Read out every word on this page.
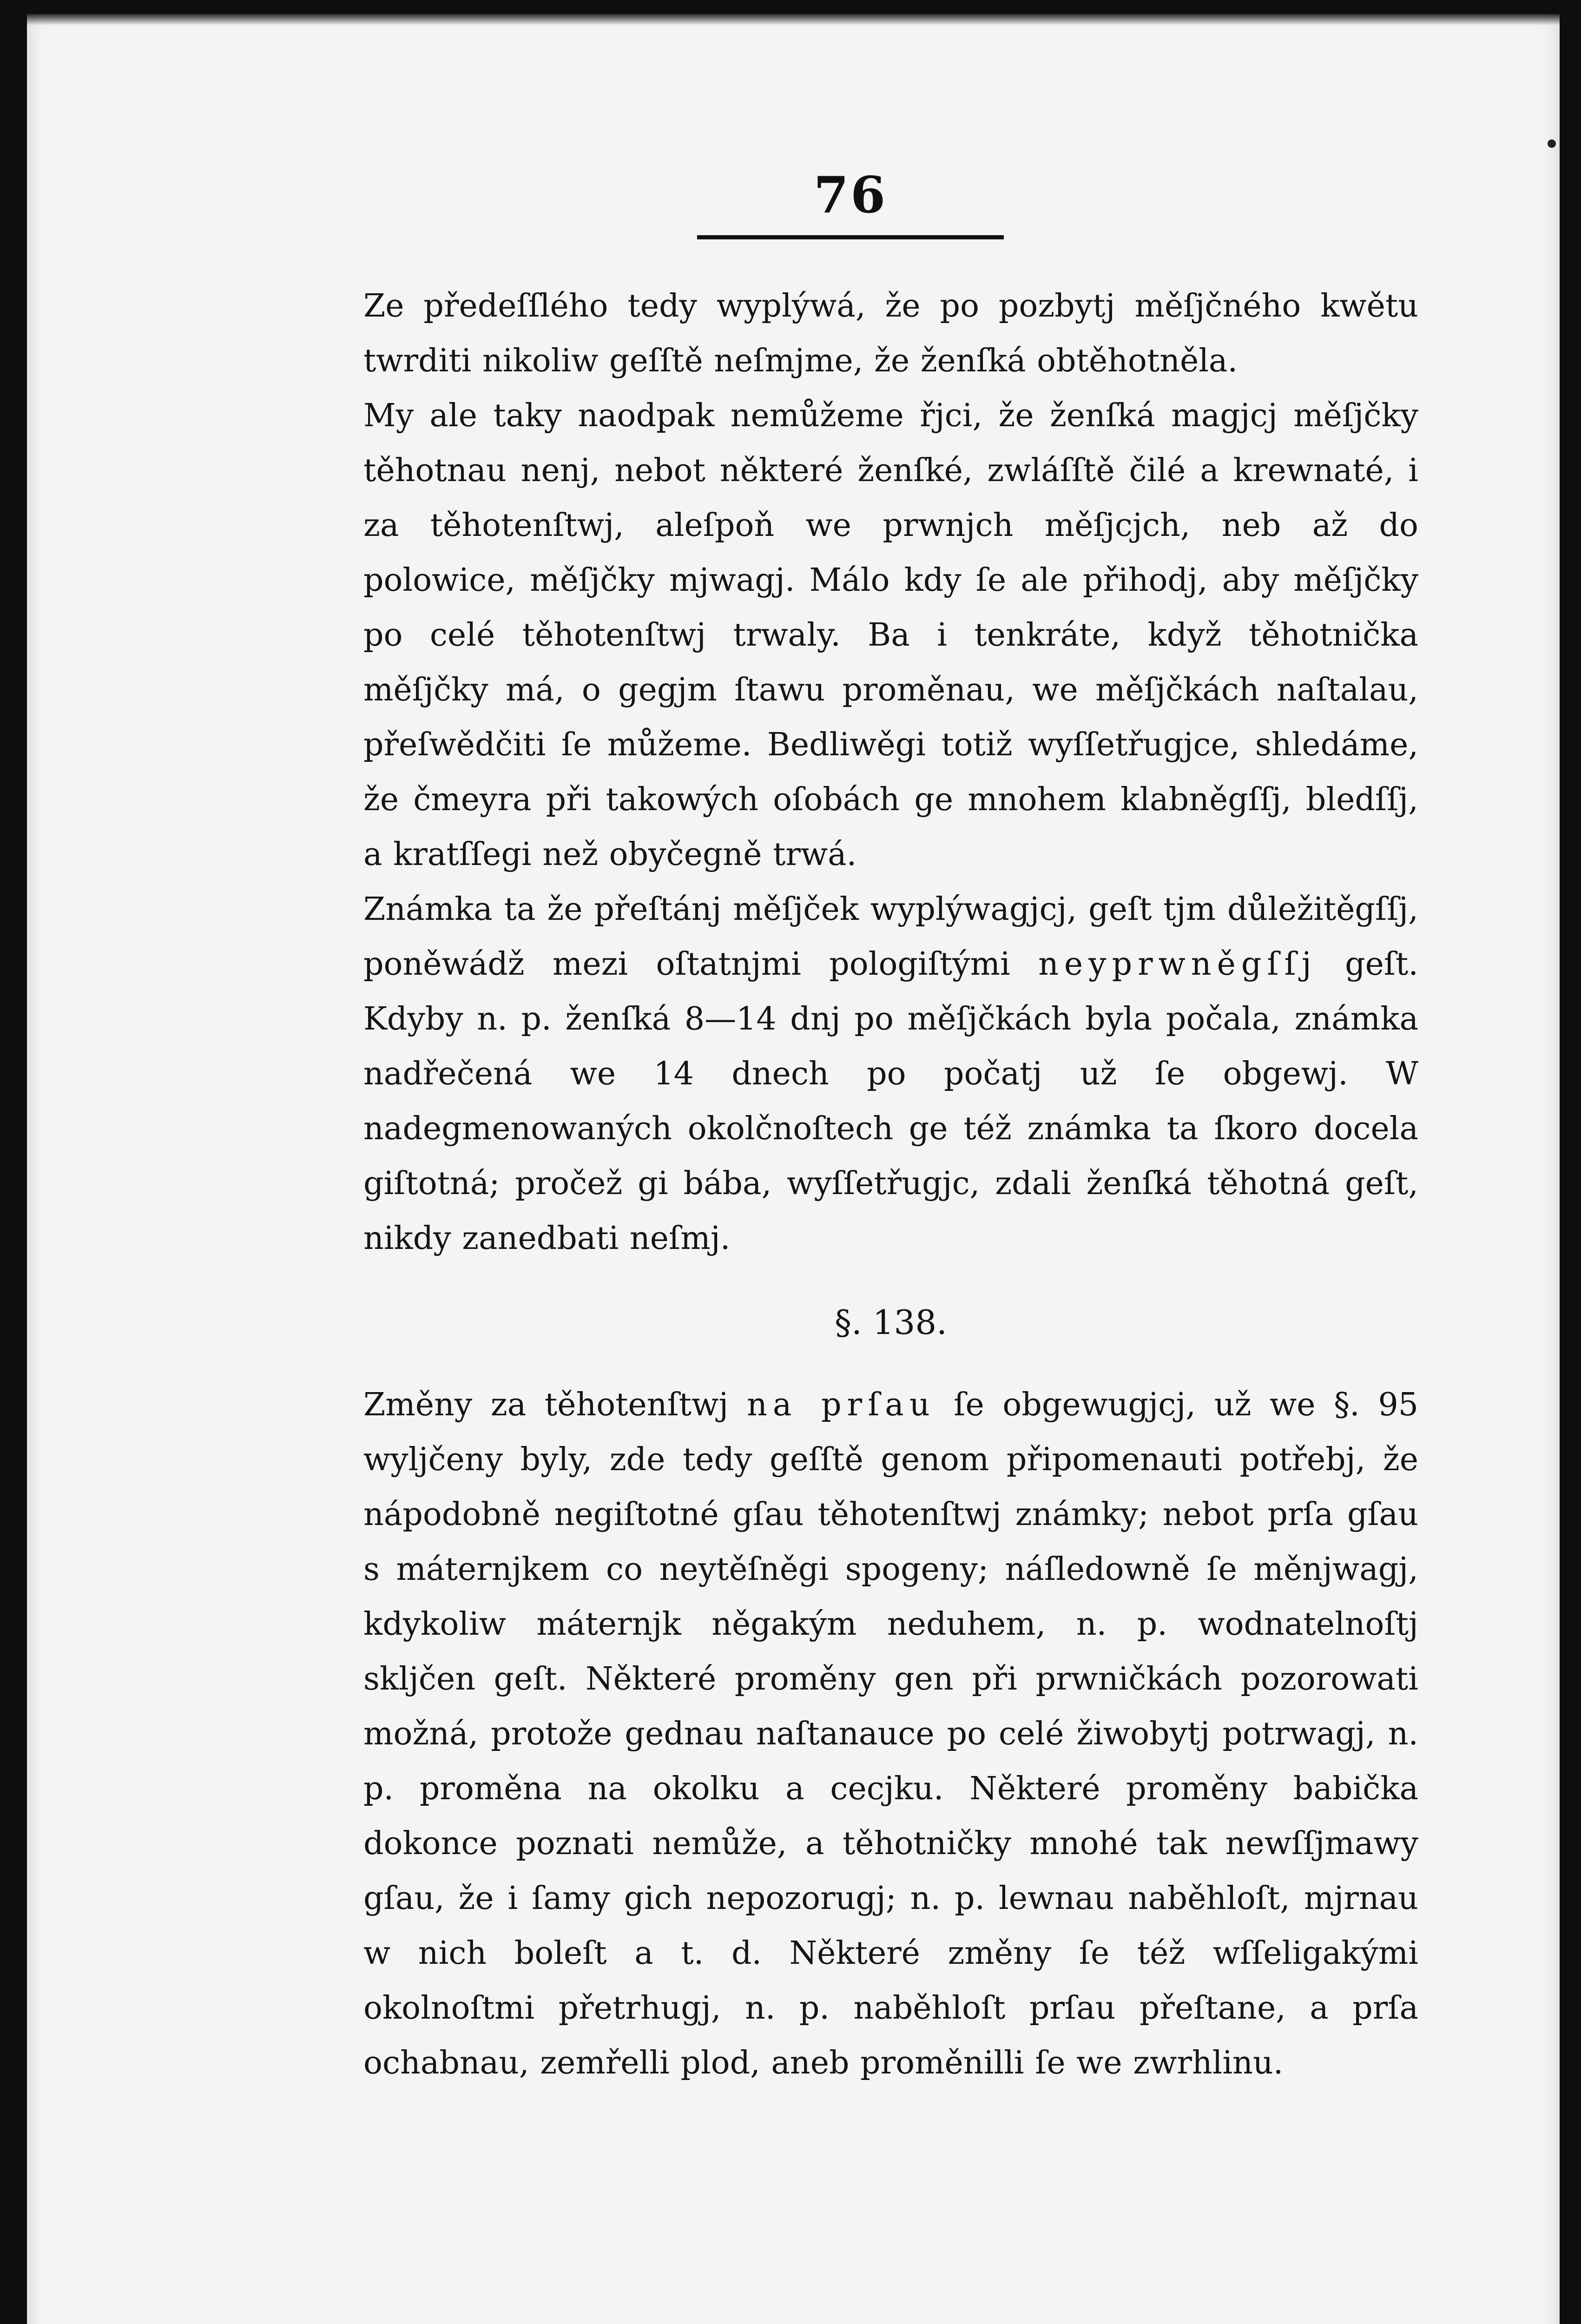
76

Ze předeſſlého tedy wyplýwá, že po pozbytj měſjčného kwětu twrditi nikoliw geſſtě neſmjme, že ženſká obtěhotněla.

My ale taky naodpak nemůžeme řjci, že ženſká magjcj měſjčky těhotnau nenj, nebot některé ženſké, zwláſſtě čilé a krewnaté, i za těhotenſtwj, aleſpoň we prwnjch měſjcjch, neb až do polowice, měſjčky mjwagj. Málo kdy ſe ale přihodj, aby měſjčky po celé těhotenſtwj trwaly. Ba i tenkráte, když těhotnička měſjčky má, o gegjm ſtawu proměnau, we měſjčkách naſtalau, přeſwědčiti ſe můžeme. Bedliwěgi totiž wyſſetřugjce, shledáme, že čmeyra při takowých oſobách ge mnohem klabněgſſj, bledſſj, a kratſſegi než obyčegně trwá.

Známka ta že přeſtánj měſjček wyplýwagjcj, geſt tjm důležitěgſſj, poněwádž mezi oſtatnjmi pologiſtými neyprwněgſſj geſt. Kdyby n. p. ženſká 8—14 dnj po měſjčkách byla počala, známka nadřečená we 14 dnech po počatj už ſe obgewj. W nadegmenowaných okolčnoſtech ge též známka ta ſkoro docela giſtotná; pročež gi bába, wyſſetřugjc, zdali ženſká těhotná geſt, nikdy zanedbati neſmj.

§. 138.

Změny za těhotenſtwj na prſau ſe obgewugjcj, už we §. 95 wyljčeny byly, zde tedy geſſtě genom připomenauti potřebj, že nápodobně negiſtotné gſau těhotenſtwj známky; nebot prſa gſau s máternjkem co neytěſněgi spogeny; náſledowně ſe měnjwagj, kdykoliw máternjk něgakým neduhem, n. p. wodnatelnoſtj skljčen geſt. Některé proměny gen při prwničkách pozorowati možná, protože gednau naſtanauce po celé žiwobytj potrwagj, n. p. proměna na okolku a cecjku. Některé proměny babička dokonce poznati nemůže, a těhotničky mnohé tak newſſjmawy gſau, že i ſamy gich nepozorugj; n. p. lewnau naběhloſt, mjrnau w nich boleſt a t. d. Některé změny ſe též wſſeligakými okolnoſtmi přetrhugj, n. p. naběhloſt prſau přeſtane, a prſa ochabnau, zemřelli plod, aneb proměnilli ſe we zwrhlinu.
